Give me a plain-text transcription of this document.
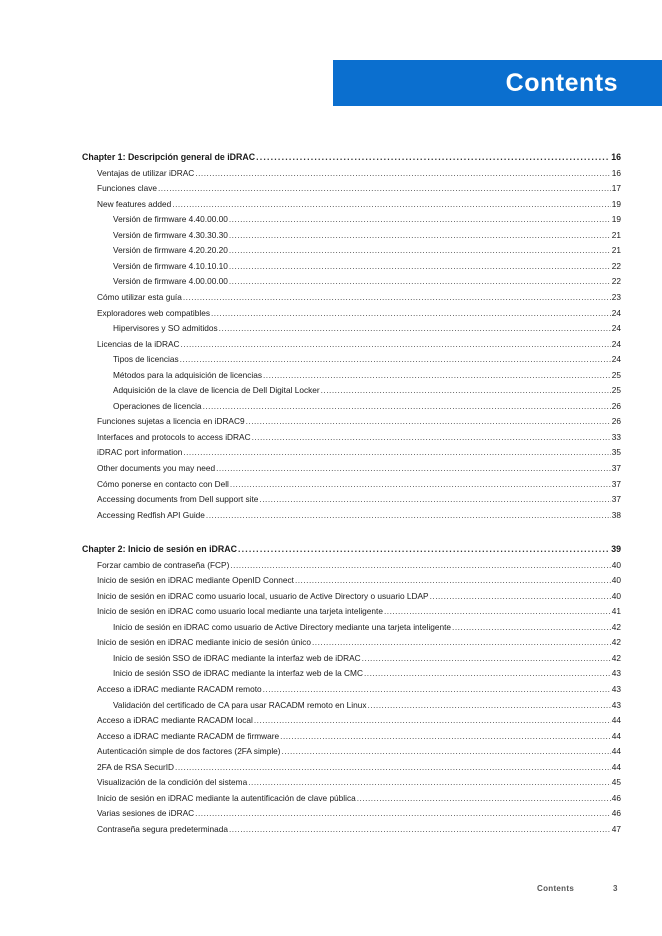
Contents
Chapter 1: Descripción general de iDRAC .....	16
Ventajas de utilizar iDRAC .....	16
Funciones clave .....	17
New features added .....	19
Versión de firmware 4.40.00.00 .....	19
Versión de firmware 4.30.30.30 .....	21
Versión de firmware 4.20.20.20 .....	21
Versión de firmware 4.10.10.10 .....	22
Versión de firmware 4.00.00.00 .....	22
Cómo utilizar esta guía .....	23
Exploradores web compatibles .....	24
Hipervisores y SO admitidos .....	24
Licencias de la iDRAC .....	24
Tipos de licencias .....	24
Métodos para la adquisición de licencias .....	25
Adquisición de la clave de licencia de Dell Digital Locker .....	25
Operaciones de licencia .....	26
Funciones sujetas a licencia en iDRAC9 .....	26
Interfaces and protocols to access iDRAC .....	33
iDRAC port information .....	35
Other documents you may need .....	37
Cómo ponerse en contacto con Dell .....	37
Accessing documents from Dell support site .....	37
Accessing Redfish API Guide .....	38
Chapter 2: Inicio de sesión en iDRAC .....	39
Forzar cambio de contraseña (FCP) .....	40
Inicio de sesión en iDRAC mediante OpenID Connect .....	40
Inicio de sesión en iDRAC como usuario local, usuario de Active Directory o usuario LDAP .....	40
Inicio de sesión en iDRAC como usuario local mediante una tarjeta inteligente .....	41
Inicio de sesión en iDRAC como usuario de Active Directory mediante una tarjeta inteligente .....	42
Inicio de sesión en iDRAC mediante inicio de sesión único .....	42
Inicio de sesión SSO de iDRAC mediante la interfaz web de iDRAC .....	42
Inicio de sesión SSO de iDRAC mediante la interfaz web de la CMC .....	43
Acceso a iDRAC mediante RACADM remoto .....	43
Validación del certificado de CA para usar RACADM remoto en Linux .....	43
Acceso a iDRAC mediante RACADM local .....	44
Acceso a iDRAC mediante RACADM de firmware .....	44
Autenticación simple de dos factores (2FA simple) .....	44
2FA de RSA SecurID .....	44
Visualización de la condición del sistema .....	45
Inicio de sesión en iDRAC mediante la autentificación de clave pública .....	46
Varias sesiones de iDRAC .....	46
Contraseña segura predeterminada .....	47
Contents	3
